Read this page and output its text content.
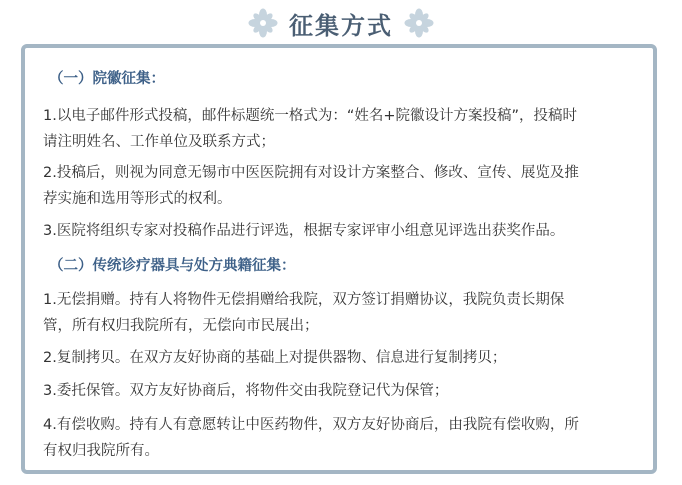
征集方式
（一）院徽征集：
1.以电子邮件形式投稿，邮件标题统一格式为：“姓名+院徽设计方案投稿”，投稿时
请注明姓名、工作单位及联系方式；
2.投稿后，则视为同意无锡市中医医院拥有对设计方案整合、修改、宣传、展览及推
荐实施和选用等形式的权利。
3.医院将组织专家对投稿作品进行评选，根据专家评审小组意见评选出获奖作品。
（二）传统诊疗器具与处方典籍征集：
1.无偿捐赠。持有人将物件无偿捐赠给我院，双方签订捐赠协议，我院负责长期保
管，所有权归我院所有，无偿向市民展出；
2.复制拷贝。在双方友好协商的基础上对提供器物、信息进行复制拷贝；
3.委托保管。双方友好协商后，将物件交由我院登记代为保管；
4.有偿收购。持有人有意愿转让中医药物件，双方友好协商后，由我院有偿收购，所
有权归我院所有。
